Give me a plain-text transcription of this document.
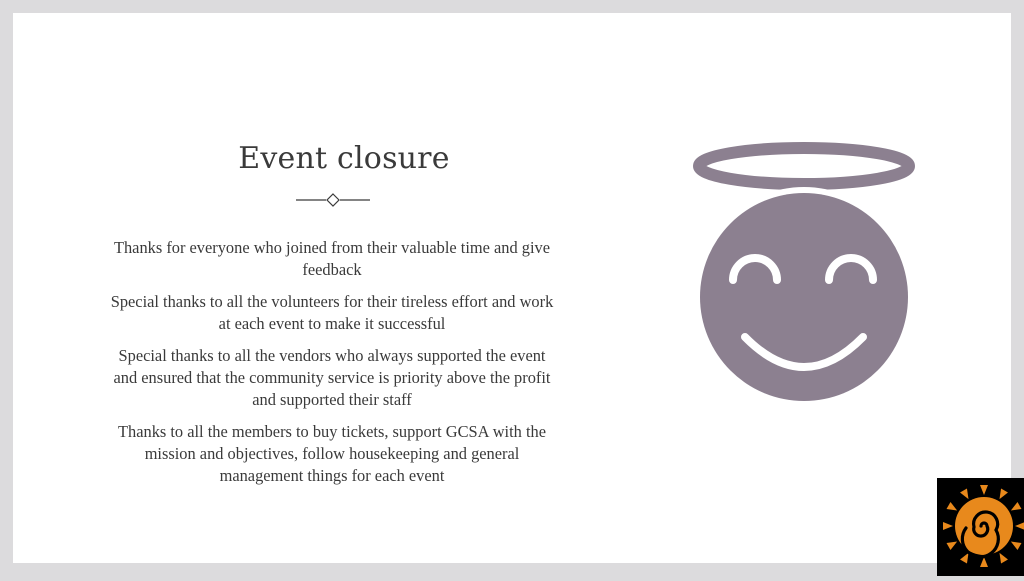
Event closure

Thanks for everyone who joined from their valuable time and give feedback

Special thanks to all the volunteers for their tireless effort and work at each event to make it successful

Special thanks to all the vendors who always supported the event and ensured that the community service is priority above the profit and supported their staff

Thanks to all the members to buy tickets, support GCSA with the mission and objectives, follow housekeeping and general management things for each event
